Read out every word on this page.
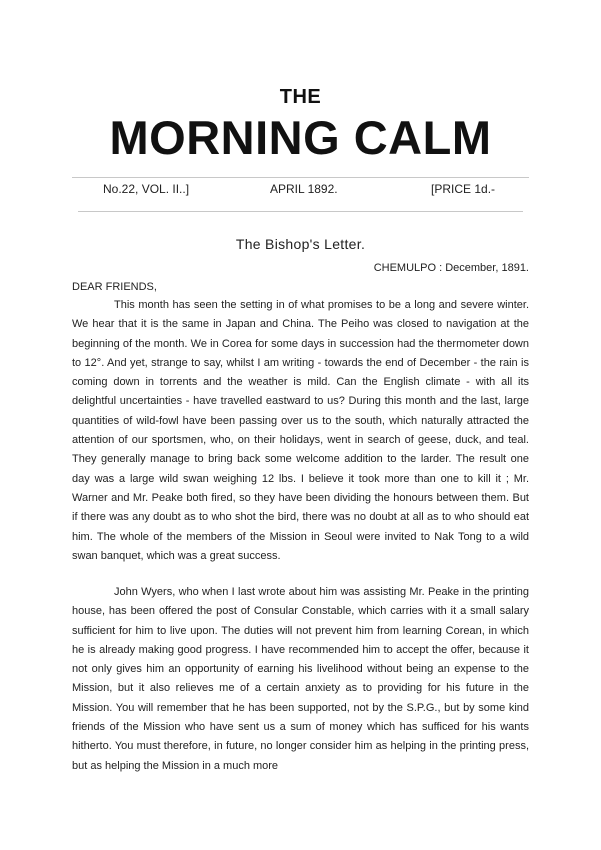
THE
MORNING CALM
No.22, VOL. II..]	APRIL 1892.	[PRICE 1d.-
The Bishop's Letter.
CHEMULPO : December, 1891.
DEAR FRIENDS,

This month has seen the setting in of what promises to be a long and severe winter. We hear that it is the same in Japan and China. The Peiho was closed to navigation at the beginning of the month. We in Corea for some days in succession had the thermometer down to 12°. And yet, strange to say, whilst I am writing - towards the end of December - the rain is coming down in torrents and the weather is mild. Can the English climate - with all its delightful uncertainties - have travelled eastward to us? During this month and the last, large quantities of wild-fowl have been passing over us to the south, which naturally attracted the attention of our sportsmen, who, on their holidays, went in search of geese, duck, and teal. They generally manage to bring back some welcome addition to the larder. The result one day was a large wild swan weighing 12 lbs. I believe it took more than one to kill it ; Mr. Warner and Mr. Peake both fired, so they have been dividing the honours between them. But if there was any doubt as to who shot the bird, there was no doubt at all as to who should eat him. The whole of the members of the Mission in Seoul were invited to Nak Tong to a wild swan banquet, which was a great success.

John Wyers, who when I last wrote about him was assisting Mr. Peake in the printing house, has been offered the post of Consular Constable, which carries with it a small salary sufficient for him to live upon. The duties will not prevent him from learning Corean, in which he is already making good progress. I have recommended him to accept the offer, because it not only gives him an opportunity of earning his livelihood without being an expense to the Mission, but it also relieves me of a certain anxiety as to providing for his future in the Mission. You will remember that he has been supported, not by the S.P.G., but by some kind friends of the Mission who have sent us a sum of money which has sufficed for his wants hitherto. You must therefore, in future, no longer consider him as helping in the printing press, but as helping the Mission in a much more
